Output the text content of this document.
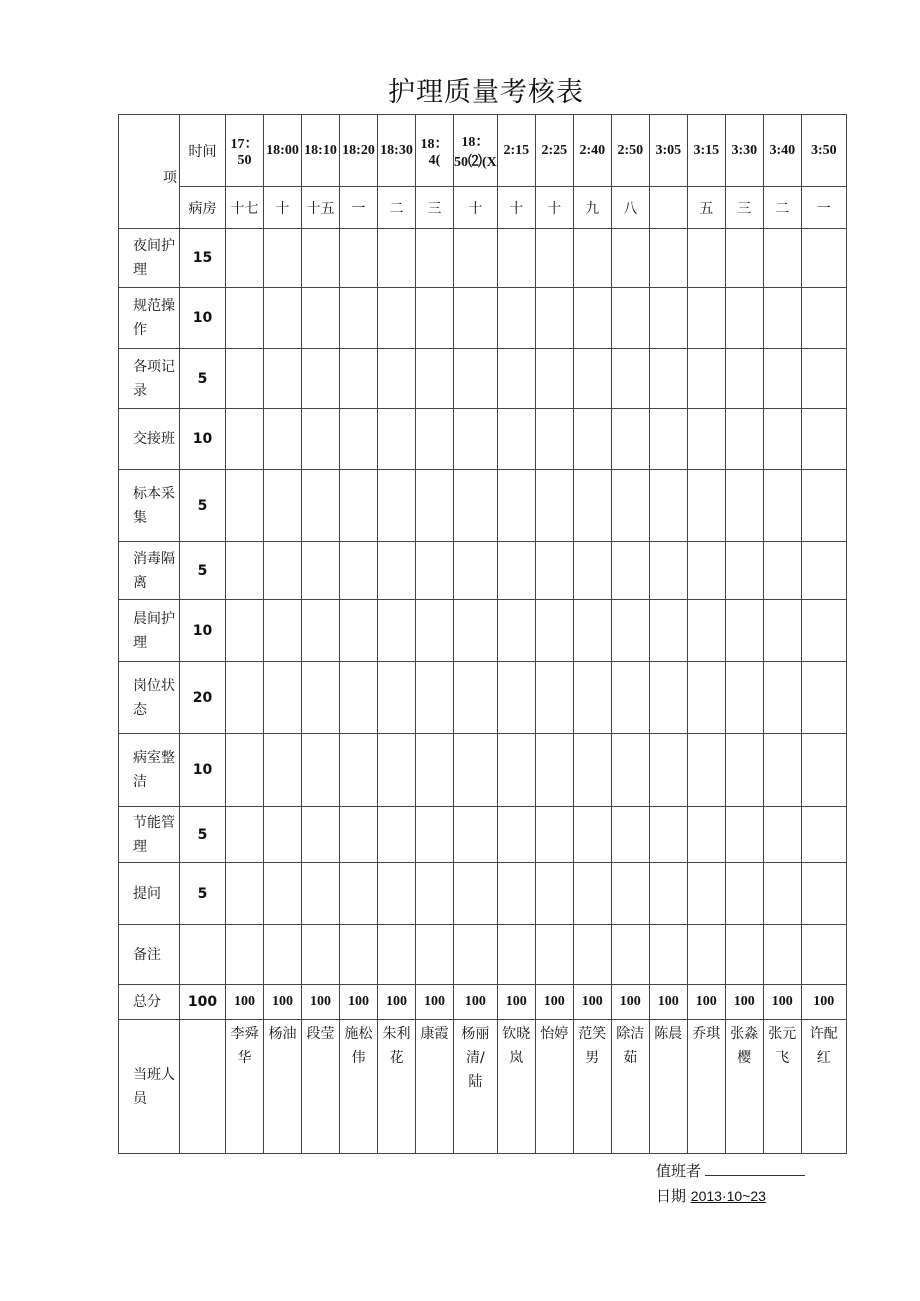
护理质量考核表
项	时间	17：50	18:00	18:10	18:20	18:30	18：4(	18：50⑵(X	2:15	2:25	2:40	2:50	3:05	3:15	3:30	3:40	3:50
	病房	十七	十	十五	一	二	三	十	十	十	九	八		五	三	二	一

夜间护理	15																

规范操作	10																

各项记录	5																

交接班	10																

标本采集	5																

消毒隔离	5																

晨间护理	10																

岗位状态	20																

病室整洁	10																

节能管理	5																

提问	5																

备注																	

总分	100	100	100	100	100	100	100	100	100	100	100	100	100	100	100	100	100

当班人员		李舜华	杨油	段莹	施松伟	朱利花	康霞	杨丽清/陆	钦晓岚	怡婷	范笑男	除洁茹	陈晨	乔琪	张淼樱	张元飞	许配红
值班者
日期 2013·10~23
